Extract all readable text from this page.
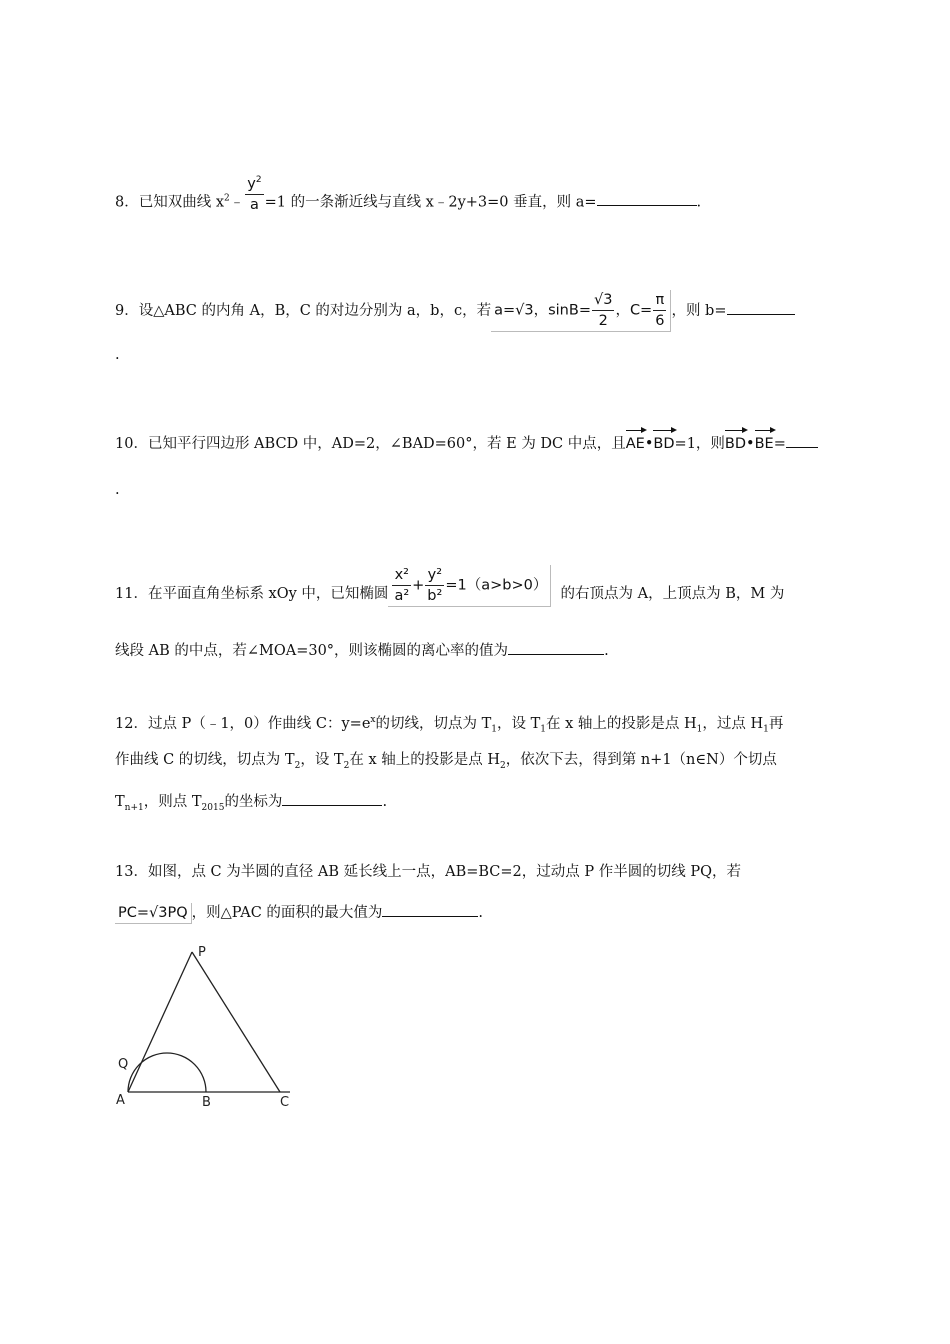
8．已知双曲线 $x^2﹣ \frac{y^2}{a} =1$ 的一条渐近线与直线 x﹣2y+3=0 垂直，则 a=	.
9．设△ABC 的内角 A，B，C 的对边分别为 a，b，c，若 a=√3，$\sin B= \frac{√3}{2}$ ，$C= \frac{\pi}{6}$ ，则 b=
.
10．已知平行四边形 ABCD 中，AD=2，∠BAD=60°，若 E 为 DC 中点，且AE•BD=1，则BD•BE=
.
11．在平面直角坐标系 xOy 中，已知椭圆 $\frac{\text{x²}}{\text{a²}} + \frac{\text{y²}}{\text{b²}} =1(a>b>0)$  的右顶点为 A，上顶点为 B，M 为
线段 AB 的中点，若∠MOA=30°，则该椭圆的离心率的值为	.
12．过点 P（﹣1，0）作曲线 C：$y=e^x$的切线，切点为 $T_1$，设 $T_1$在 x 轴上的投影是点 $H_1$，过点 $H_1$再
作曲线 C 的切线，切点为 $T_2$，设 $T_2$在 x 轴上的投影是点 $H_2$，依次下去，得到第 n+1（n∈N）个切点
$T_{n+1}$，则点 $T_{2015}$的坐标为	.
13．如图，点 C 为半圆的直径 AB 延长线上一点，AB=BC=2，过动点 P 作半圆的切线 PQ，若
PC=√3PQ ，则△PAC 的面积的最大值为	.
P
Q
A	B	C
